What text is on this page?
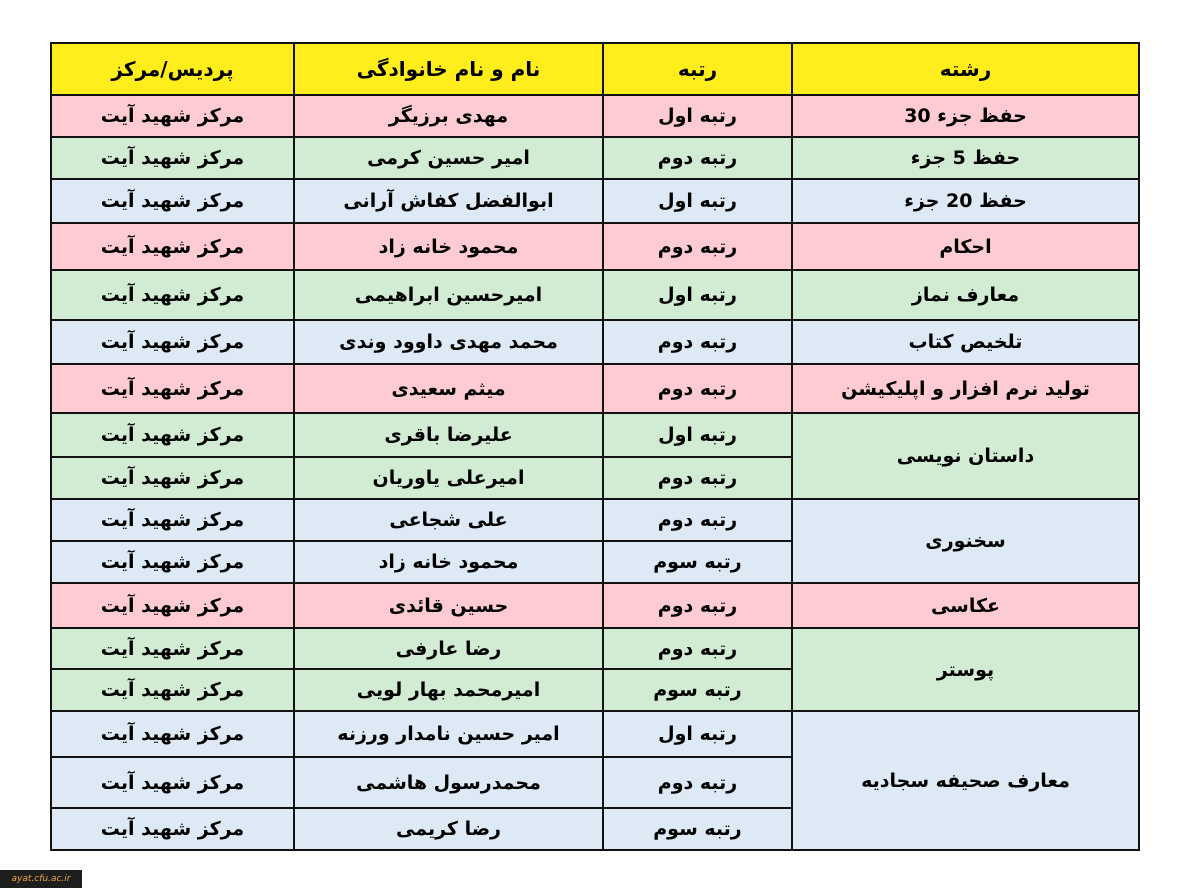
رشته	رتبه	نام و نام خانوادگی	پردیس/مرکز
حفظ جزء 30	رتبه اول	مهدی برزیگر	مرکز شهید آیت
حفظ 5 جزء	رتبه دوم	امیر حسین کرمی	مرکز شهید آیت
حفظ 20 جزء	رتبه اول	ابوالفضل کفاش آرانی	مرکز شهید آیت
احکام	رتبه دوم	محمود خانه زاد	مرکز شهید آیت
معارف نماز	رتبه اول	امیرحسین ابراهیمی	مرکز شهید آیت
تلخیص کتاب	رتبه دوم	محمد مهدی داوود وندی	مرکز شهید آیت
تولید نرم افزار و اپلیکیشن	رتبه دوم	میثم سعیدی	مرکز شهید آیت
داستان نویسی	رتبه اول	علیرضا باقری	مرکز شهید آیت
	رتبه دوم	امیرعلی یاوریان	مرکز شهید آیت
سخنوری	رتبه دوم	علی شجاعی	مرکز شهید آیت
	رتبه سوم	محمود خانه زاد	مرکز شهید آیت
عکاسی	رتبه دوم	حسین قائدی	مرکز شهید آیت
پوستر	رتبه دوم	رضا عارفی	مرکز شهید آیت
	رتبه سوم	امیرمحمد بهار لویی	مرکز شهید آیت
معارف صحیفه سجادیه	رتبه اول	امیر حسین نامدار ورزنه	مرکز شهید آیت
	رتبه دوم	محمدرسول هاشمی	مرکز شهید آیت
	رتبه سوم	رضا کریمی	مرکز شهید آیت
ayat.cfu.ac.ir
